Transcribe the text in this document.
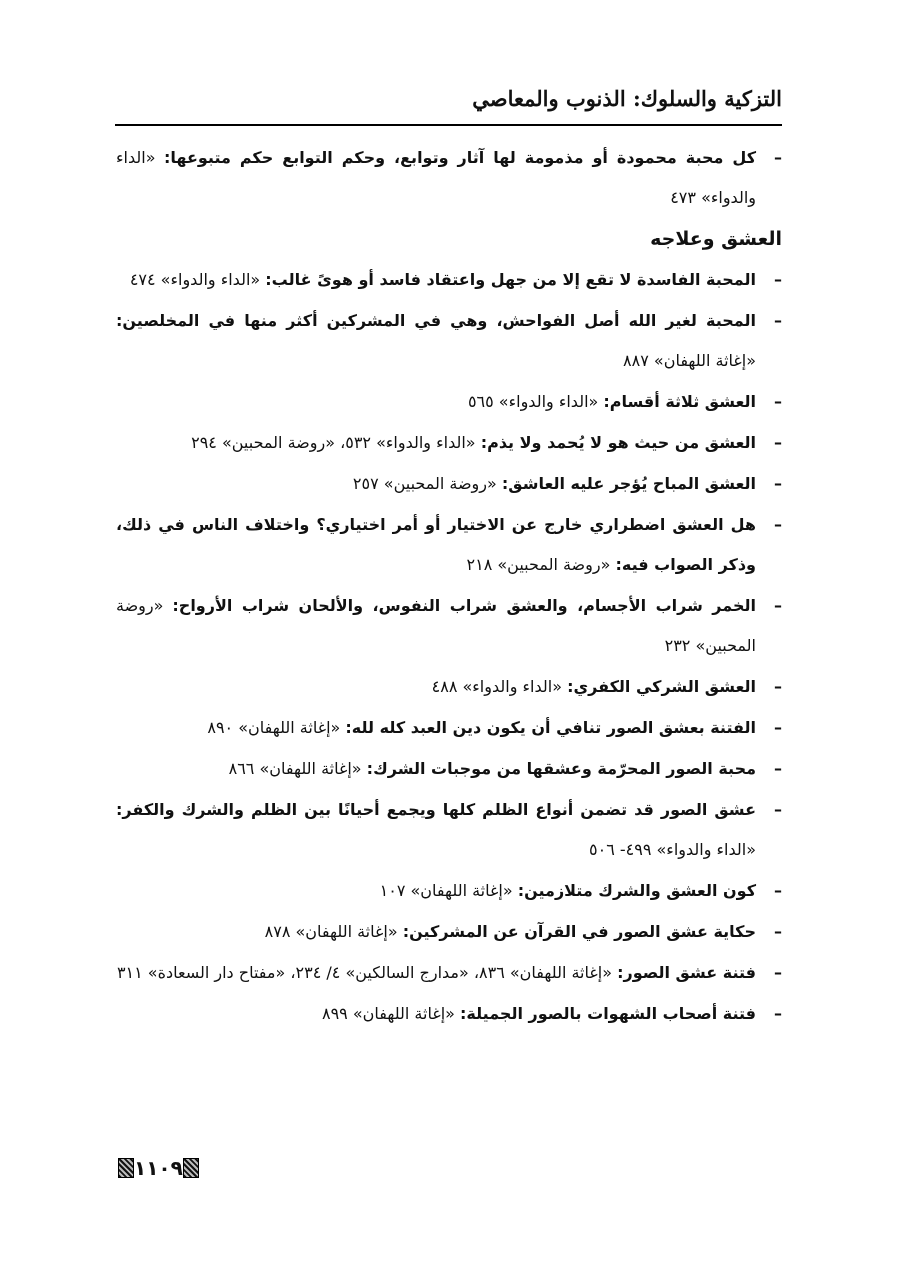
التزكية والسلوك: الذنوب والمعاصي
–
كل محبة محمودة أو مذمومة لها آثار وتوابع، وحكم التوابع حكم متبوعها: «الداء والدواء» ٤٧٣
العشق وعلاجه
–
المحبة الفاسدة لا تقع إلا من جهل واعتقاد فاسد أو هوىً غالب: «الداء والدواء» ٤٧٤
–
المحبة لغير الله أصل الفواحش، وهي في المشركين أكثر منها في المخلصين: «إغاثة اللهفان» ٨٨٧
–
العشق ثلاثة أقسام: «الداء والدواء» ٥٦٥
–
العشق من حيث هو لا يُحمد ولا يذم: «الداء والدواء» ٥٣٢، «روضة المحبين» ٢٩٤
–
العشق المباح يُؤجر عليه العاشق: «روضة المحبين» ٢٥٧
–
هل العشق اضطراري خارج عن الاختيار أو أمر اختياري؟ واختلاف الناس في ذلك، وذكر الصواب فيه: «روضة المحبين» ٢١٨
–
الخمر شراب الأجسام، والعشق شراب النفوس، والألحان شراب الأرواح: «روضة المحبين» ٢٣٢
–
العشق الشركي الكفري: «الداء والدواء» ٤٨٨
–
الفتنة بعشق الصور تنافي أن يكون دين العبد كله لله: «إغاثة اللهفان» ٨٩٠
–
محبة الصور المحرّمة وعشقها من موجبات الشرك: «إغاثة اللهفان» ٨٦٦
–
عشق الصور قد تضمن أنواع الظلم كلها ويجمع أحيانًا بين الظلم والشرك والكفر: «الداء والدواء» ٤٩٩- ٥٠٦
–
كون العشق والشرك متلازمين: «إغاثة اللهفان» ١٠٧
–
حكاية عشق الصور في القرآن عن المشركين: «إغاثة اللهفان» ٨٧٨
–
فتنة عشق الصور: «إغاثة اللهفان» ٨٣٦، «مدارج السالكين» ٤/ ٢٣٤، «مفتاح دار السعادة» ٣١١
–
فتنة أصحاب الشهوات بالصور الجميلة: «إغاثة اللهفان» ٨٩٩
١١٠٩
